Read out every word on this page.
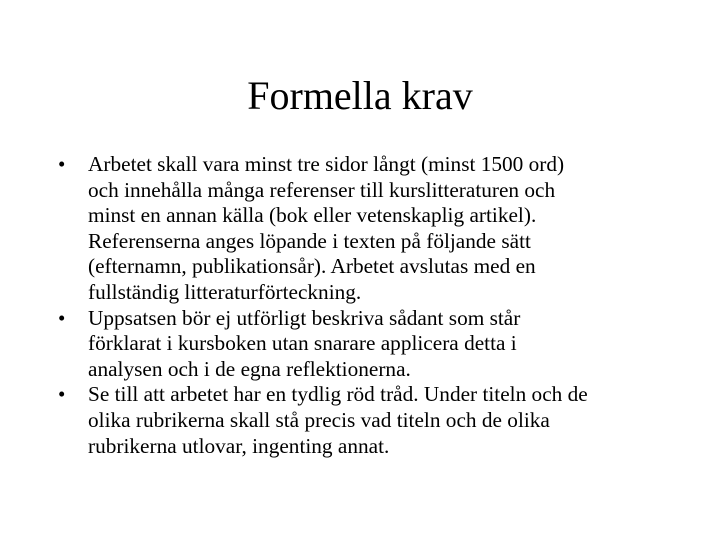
Formella krav
•	Arbetet skall vara minst tre sidor långt (minst 1500 ord)
och innehålla många referenser till kurslitteraturen och
minst en annan källa (bok eller vetenskaplig artikel).
Referenserna anges löpande i texten på följande sätt
(efternamn, publikationsår). Arbetet avslutas med en
fullständig litteraturförteckning.
•	Uppsatsen bör ej utförligt beskriva sådant som står
förklarat i kursboken utan snarare applicera detta i
analysen och i de egna reflektionerna.
•	Se till att arbetet har en tydlig röd tråd. Under titeln och de
olika rubrikerna skall stå precis vad titeln och de olika
rubrikerna utlovar, ingenting annat.
